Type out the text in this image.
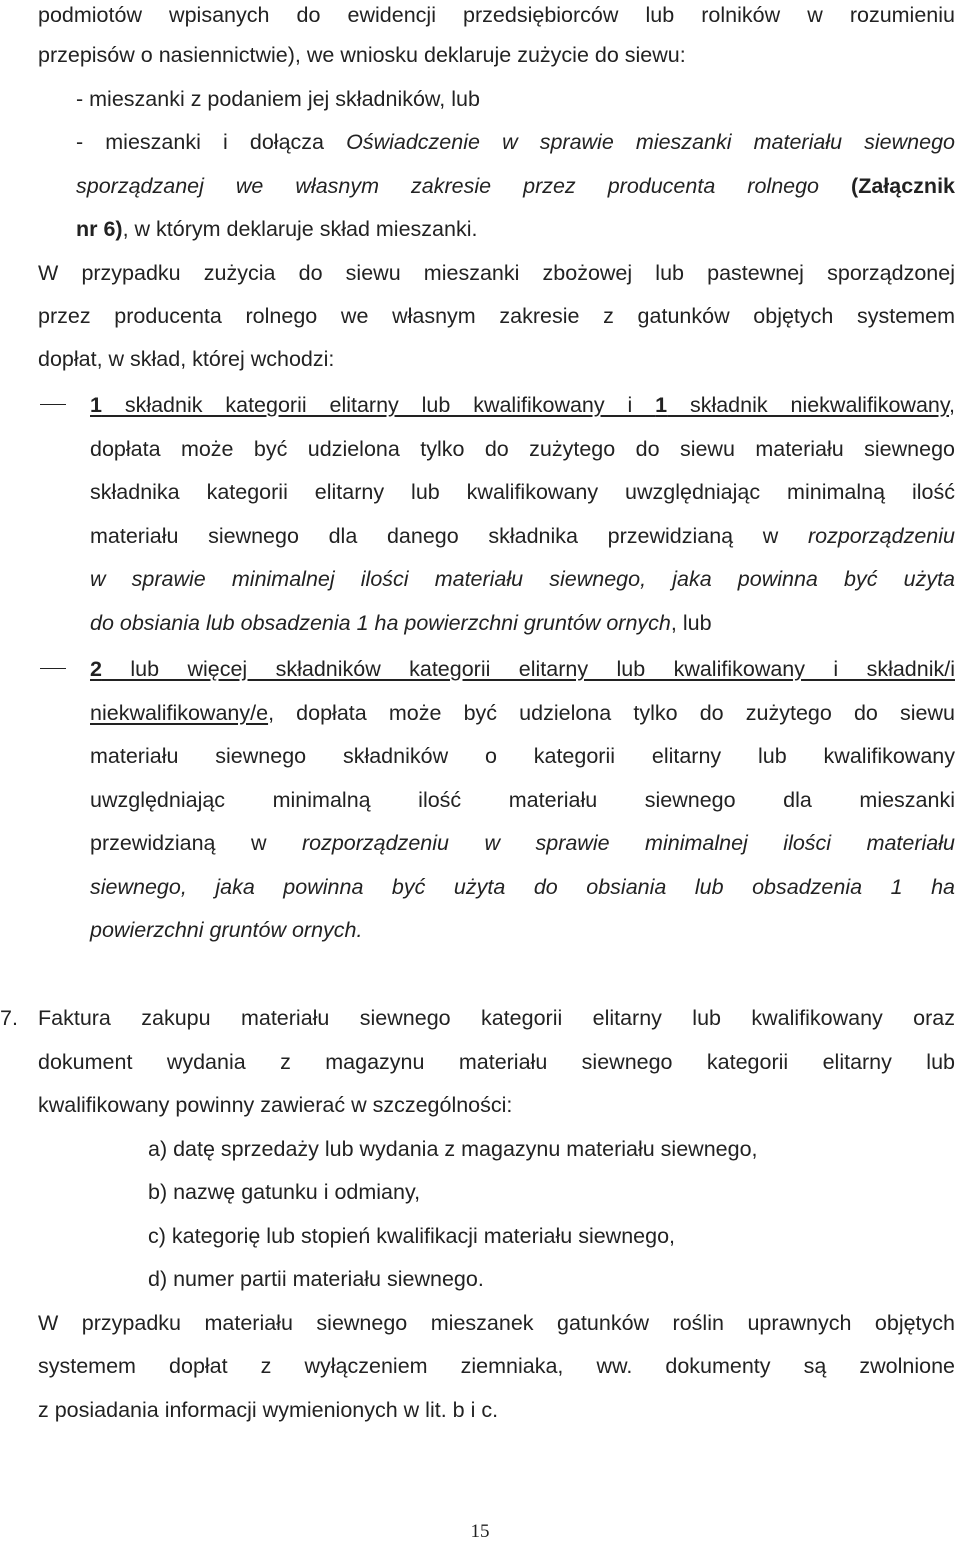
podmiotów wpisanych do ewidencji przedsiębiorców lub rolników w rozumieniu
przepisów o nasiennictwie), we wniosku deklaruje zużycie do siewu:
- mieszanki z podaniem jej składników, lub
- mieszanki i dołącza Oświadczenie w sprawie mieszanki materiału siewnego
sporządzanej we własnym zakresie przez producenta rolnego (Załącznik
nr 6), w którym deklaruje skład mieszanki.
W przypadku zużycia do siewu mieszanki zbożowej lub pastewnej sporządzonej
przez producenta rolnego we własnym zakresie z gatunków objętych systemem
dopłat, w skład, której wchodzi:
1 składnik kategorii elitarny lub kwalifikowany i 1 składnik niekwalifikowany,
dopłata może być udzielona tylko do zużytego do siewu materiału siewnego
składnika kategorii elitarny lub kwalifikowany uwzględniając minimalną ilość
materiału siewnego dla danego składnika przewidzianą w rozporządzeniu
w sprawie minimalnej ilości materiału siewnego, jaka powinna być użyta
do obsiania lub obsadzenia 1 ha powierzchni gruntów ornych, lub
2 lub więcej składników kategorii elitarny lub kwalifikowany i składnik/i
niekwalifikowany/e, dopłata może być udzielona tylko do zużytego do siewu
materiału siewnego składników o kategorii elitarny lub kwalifikowany
uwzględniając minimalną ilość materiału siewnego dla mieszanki
przewidzianą w rozporządzeniu w sprawie minimalnej ilości materiału
siewnego, jaka powinna być użyta do obsiania lub obsadzenia 1 ha
powierzchni gruntów ornych.
7. Faktura zakupu materiału siewnego kategorii elitarny lub kwalifikowany oraz
dokument wydania z magazynu materiału siewnego kategorii elitarny lub
kwalifikowany powinny zawierać w szczególności:
a) datę sprzedaży lub wydania z magazynu materiału siewnego,
b) nazwę gatunku i odmiany,
c) kategorię lub stopień kwalifikacji materiału siewnego,
d) numer partii materiału siewnego.
W przypadku materiału siewnego mieszanek gatunków roślin uprawnych objętych
systemem dopłat z wyłączeniem ziemniaka, ww. dokumenty są zwolnione
z posiadania informacji wymienionych w lit. b i c.
15
